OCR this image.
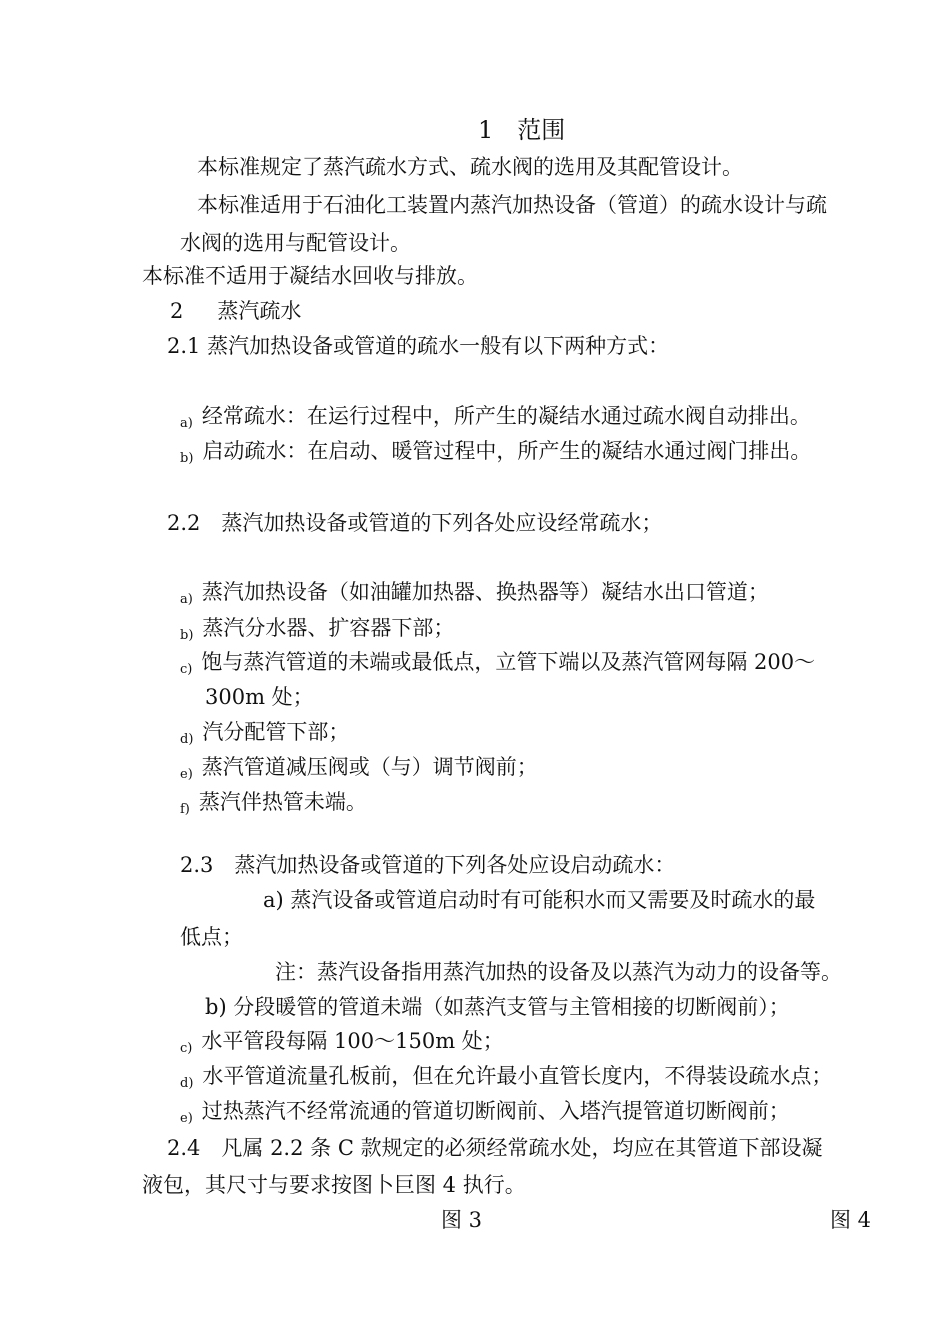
1　范围
本标准规定了蒸汽疏水方式、疏水阀的选用及其配管设计。
本标准适用于石油化工装置内蒸汽加热设备（管道）的疏水设计与疏
水阀的选用与配管设计。
本标准不适用于凝结水回收与排放。
2 蒸汽疏水
2.1 蒸汽加热设备或管道的疏水一般有以下两种方式：
a) 经常疏水：在运行过程中，所产生的凝结水通过疏水阀自动排出。
b) 启动疏水：在启动、暖管过程中，所产生的凝结水通过阀门排出。
2.2　蒸汽加热设备或管道的下列各处应设经常疏水；
a) 蒸汽加热设备（如油罐加热器、换热器等）凝结水出口管道；
b) 蒸汽分水器、扩容器下部；
c) 饱与蒸汽管道的未端或最低点，立管下端以及蒸汽管网每隔 200～
300m 处；
d) 汽分配管下部；
e) 蒸汽管道减压阀或（与）调节阀前；
f) 蒸汽伴热管未端。
2.3　蒸汽加热设备或管道的下列各处应设启动疏水：
a) 蒸汽设备或管道启动时有可能积水而又需要及时疏水的最
低点；
注：蒸汽设备指用蒸汽加热的设备及以蒸汽为动力的设备等。
b) 分段暖管的管道未端（如蒸汽支管与主管相接的切断阀前）；
c) 水平管段每隔 100～150m 处；
d) 水平管道流量孔板前，但在允许最小直管长度内，不得装设疏水点；
e) 过热蒸汽不经常流通的管道切断阀前、入塔汽提管道切断阀前；
2.4　凡属 2.2 条 C 款规定的必须经常疏水处，均应在其管道下部设凝
液包，其尺寸与要求按图卜巨图 4 执行。
图 3	图 4
